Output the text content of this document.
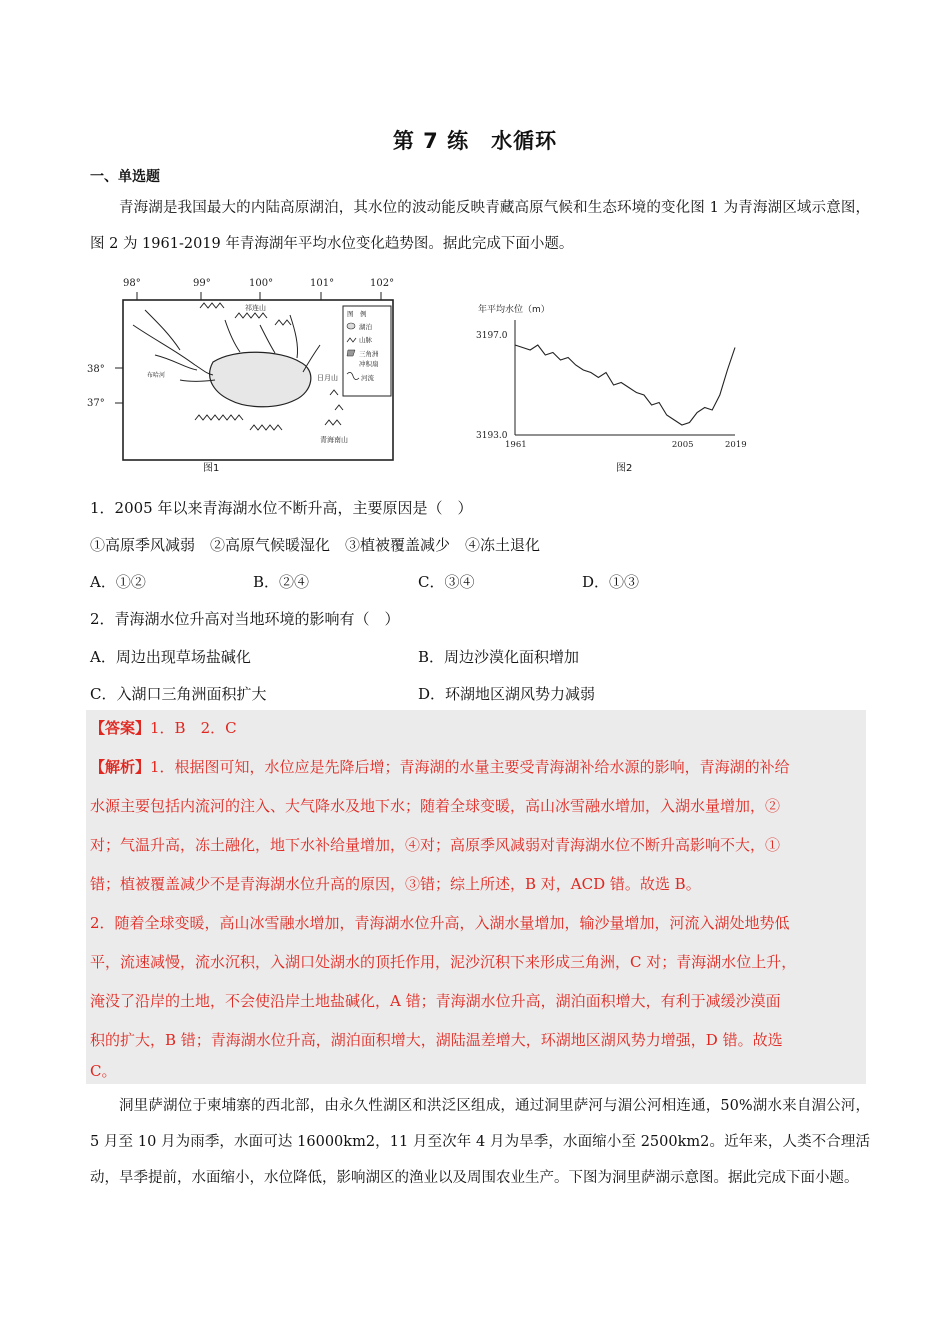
第 7 练　水循环
一、单选题
青海湖是我国最大的内陆高原湖泊，其水位的波动能反映青藏高原气候和生态环境的变化图 1 为青海湖区域示意图，图 2 为 1961-2019 年青海湖年平均水位变化趋势图。据此完成下面小题。
98°	99°	100°	101°	102°
38°
37°
图　例
湖泊
山脉
三角洲
冲积扇
河流
祁连山
日月山
青海南山
布哈河
图1
年平均水位（m）
3197.0
3193.0
1961	2005	2019
图2
1．2005 年以来青海湖水位不断升高，主要原因是（　）
①高原季风减弱　②高原气候暖湿化　③植被覆盖减少　④冻土退化
A．①②	B．②④	C．③④	D．①③
2．青海湖水位升高对当地环境的影响有（　）
A．周边出现草场盐碱化	B．周边沙漠化面积增加
C．入湖口三角洲面积扩大	D．环湖地区湖风势力减弱
【答案】1．B　2．C
【解析】1．根据图可知，水位应是先降后增；青海湖的水量主要受青海湖补给水源的影响，青海湖的补给
水源主要包括内流河的注入、大气降水及地下水；随着全球变暖，高山冰雪融水增加，入湖水量增加，②
对；气温升高，冻土融化，地下水补给量增加，④对；高原季风减弱对青海湖水位不断升高影响不大，①
错；植被覆盖减少不是青海湖水位升高的原因，③错；综上所述，B 对，ACD 错。故选 B。
2．随着全球变暖，高山冰雪融水增加，青海湖水位升高，入湖水量增加，输沙量增加，河流入湖处地势低
平，流速减慢，流水沉积，入湖口处湖水的顶托作用，泥沙沉积下来形成三角洲，C 对；青海湖水位上升，
淹没了沿岸的土地，不会使沿岸土地盐碱化，A 错；青海湖水位升高，湖泊面积增大，有利于减缓沙漠面
积的扩大，B 错；青海湖水位升高，湖泊面积增大，湖陆温差增大，环湖地区湖风势力增强，D 错。故选
C。
洞里萨湖位于柬埔寨的西北部，由永久性湖区和洪泛区组成，通过洞里萨河与湄公河相连通，50%湖水来自湄公河，5 月至 10 月为雨季，水面可达 16000km2，11 月至次年 4 月为旱季，水面缩小至 2500km2。近年来，人类不合理活动，旱季提前，水面缩小，水位降低，影响湖区的渔业以及周围农业生产。下图为洞里萨湖示意图。据此完成下面小题。
